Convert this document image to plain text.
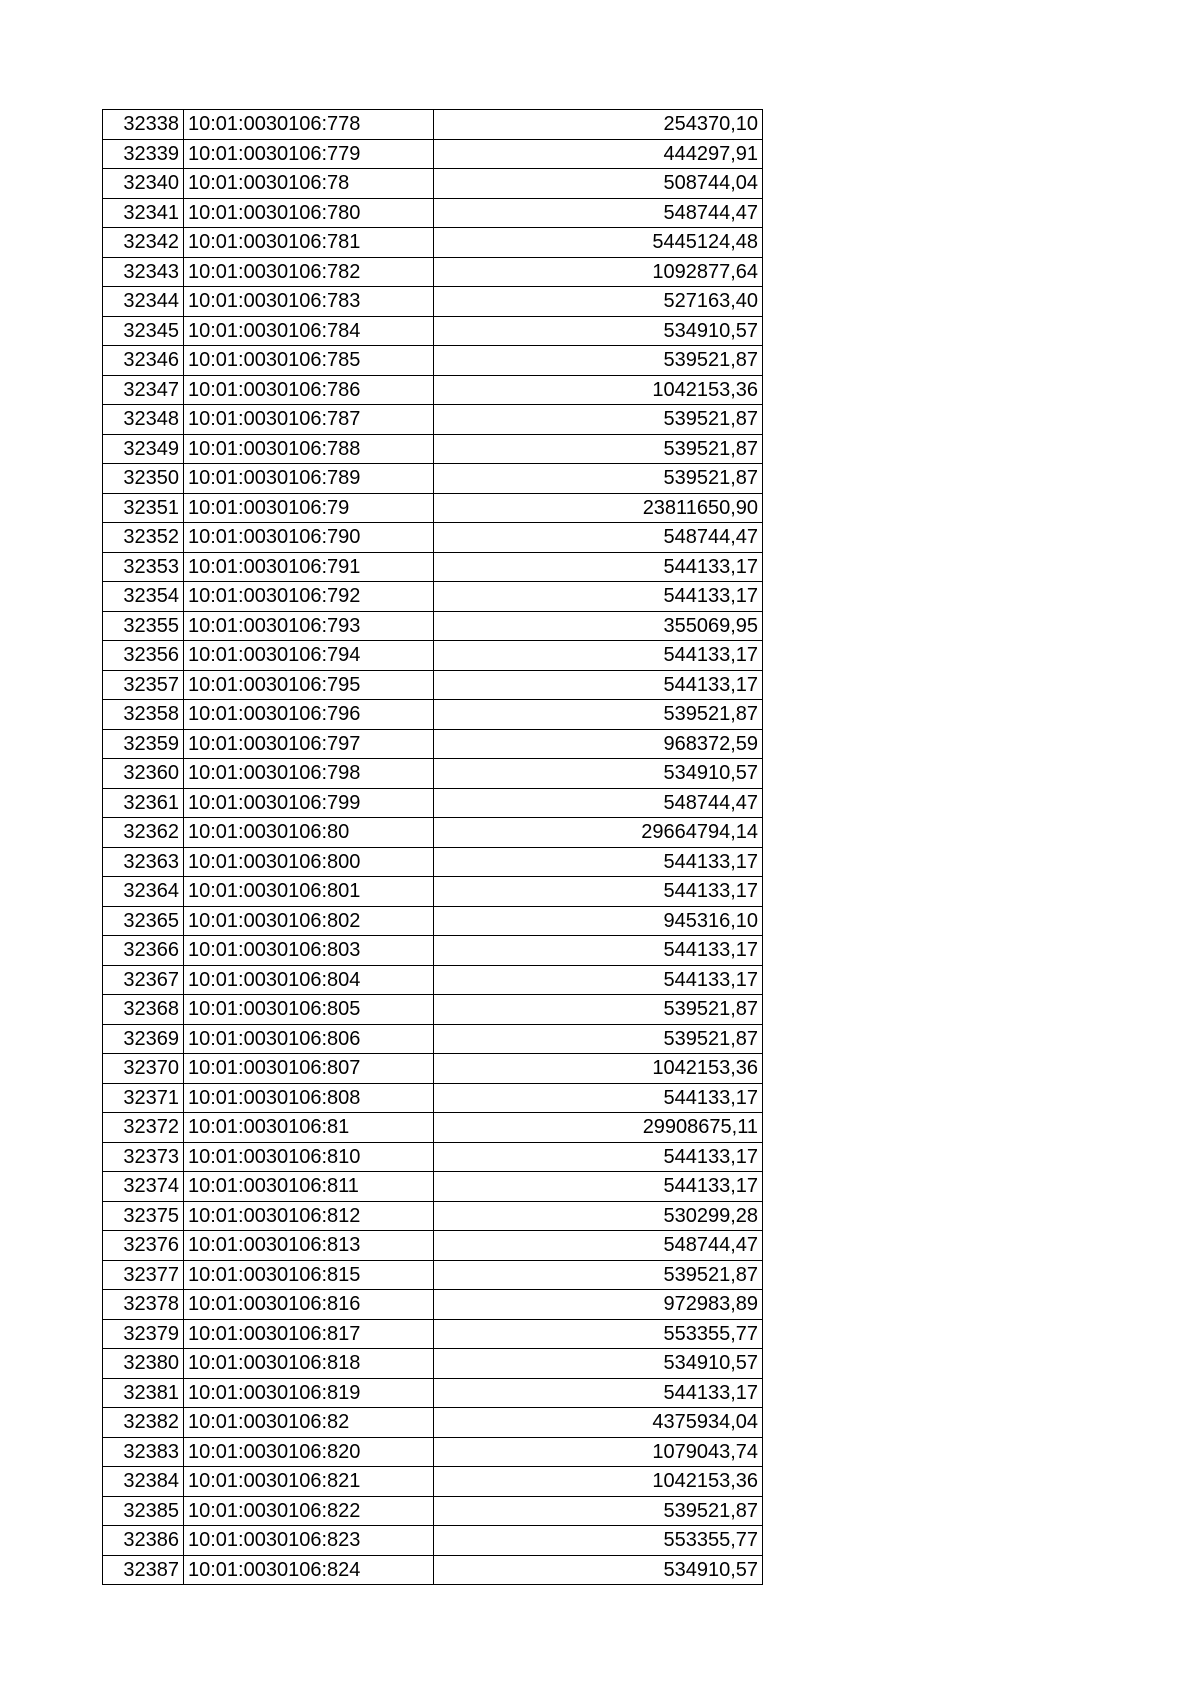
32338	10:01:0030106:778	254370,10
32339	10:01:0030106:779	444297,91
32340	10:01:0030106:78	508744,04
32341	10:01:0030106:780	548744,47
32342	10:01:0030106:781	5445124,48
32343	10:01:0030106:782	1092877,64
32344	10:01:0030106:783	527163,40
32345	10:01:0030106:784	534910,57
32346	10:01:0030106:785	539521,87
32347	10:01:0030106:786	1042153,36
32348	10:01:0030106:787	539521,87
32349	10:01:0030106:788	539521,87
32350	10:01:0030106:789	539521,87
32351	10:01:0030106:79	23811650,90
32352	10:01:0030106:790	548744,47
32353	10:01:0030106:791	544133,17
32354	10:01:0030106:792	544133,17
32355	10:01:0030106:793	355069,95
32356	10:01:0030106:794	544133,17
32357	10:01:0030106:795	544133,17
32358	10:01:0030106:796	539521,87
32359	10:01:0030106:797	968372,59
32360	10:01:0030106:798	534910,57
32361	10:01:0030106:799	548744,47
32362	10:01:0030106:80	29664794,14
32363	10:01:0030106:800	544133,17
32364	10:01:0030106:801	544133,17
32365	10:01:0030106:802	945316,10
32366	10:01:0030106:803	544133,17
32367	10:01:0030106:804	544133,17
32368	10:01:0030106:805	539521,87
32369	10:01:0030106:806	539521,87
32370	10:01:0030106:807	1042153,36
32371	10:01:0030106:808	544133,17
32372	10:01:0030106:81	29908675,11
32373	10:01:0030106:810	544133,17
32374	10:01:0030106:811	544133,17
32375	10:01:0030106:812	530299,28
32376	10:01:0030106:813	548744,47
32377	10:01:0030106:815	539521,87
32378	10:01:0030106:816	972983,89
32379	10:01:0030106:817	553355,77
32380	10:01:0030106:818	534910,57
32381	10:01:0030106:819	544133,17
32382	10:01:0030106:82	4375934,04
32383	10:01:0030106:820	1079043,74
32384	10:01:0030106:821	1042153,36
32385	10:01:0030106:822	539521,87
32386	10:01:0030106:823	553355,77
32387	10:01:0030106:824	534910,57
